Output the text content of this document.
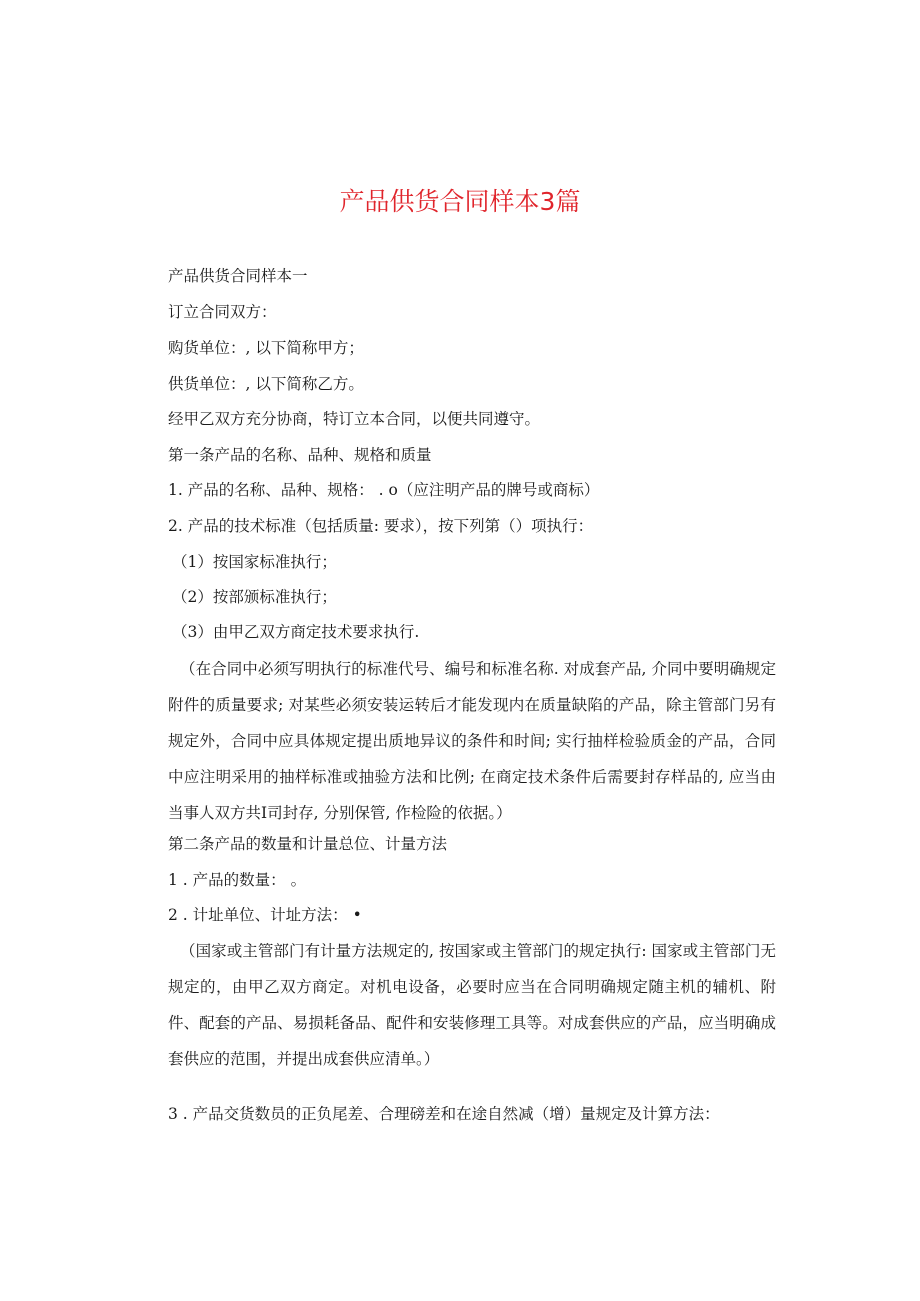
产品供货合同样本3篇
产品供货合同样本一
订立合同双方：
购货单位：, 以下简称甲方；
供货单位：, 以下简称乙方。
经甲乙双方充分协商，特订立本合同，以便共同遵守。
第一条产品的名称、品种、规格和质量
1. 产品的名称、品种、规格： . o（应注明产品的牌号或商标）
2. 产品的技术标准（包括质量: 要求），按下列第（）项执行：
（1）按国家标准执行；
（2）按部颁标准执行；
（3）由甲乙双方商定技术要求执行.
（在合同中必须写明执行的标准代号、编号和标准名称. 对成套产品, 介同中要明确规定附件的质量要求; 对某些必须安装运转后才能发现内在质量缺陷的产品，除主管部门另有规定外，合同中应具体规定提出质地异议的条件和时间; 实行抽样检验质金的产品，合同中应注明采用的抽样标准或抽验方法和比例; 在商定技术条件后需要封存样品的, 应当由当事人双方共I司封存, 分别保管, 作检险的依据。）
第二条产品的数量和计量总位、计量方法
1 . 产品的数量： 。
2 . 计址单位、计址方法： •
（国家或主管部门有计量方法规定的, 按国家或主管部门的规定执行: 国家或主管部门无规定的，由甲乙双方商定。对机电设备，必要时应当在合同明确规定随主机的辅机、附件、配套的产品、易损耗备品、配件和安装修理工具等。对成套供应的产品，应当明确成套供应的范围，并提出成套供应清单。）
3 . 产品交货数员的正负尾差、合理磅差和在途自然减（增）量规定及计算方法：
